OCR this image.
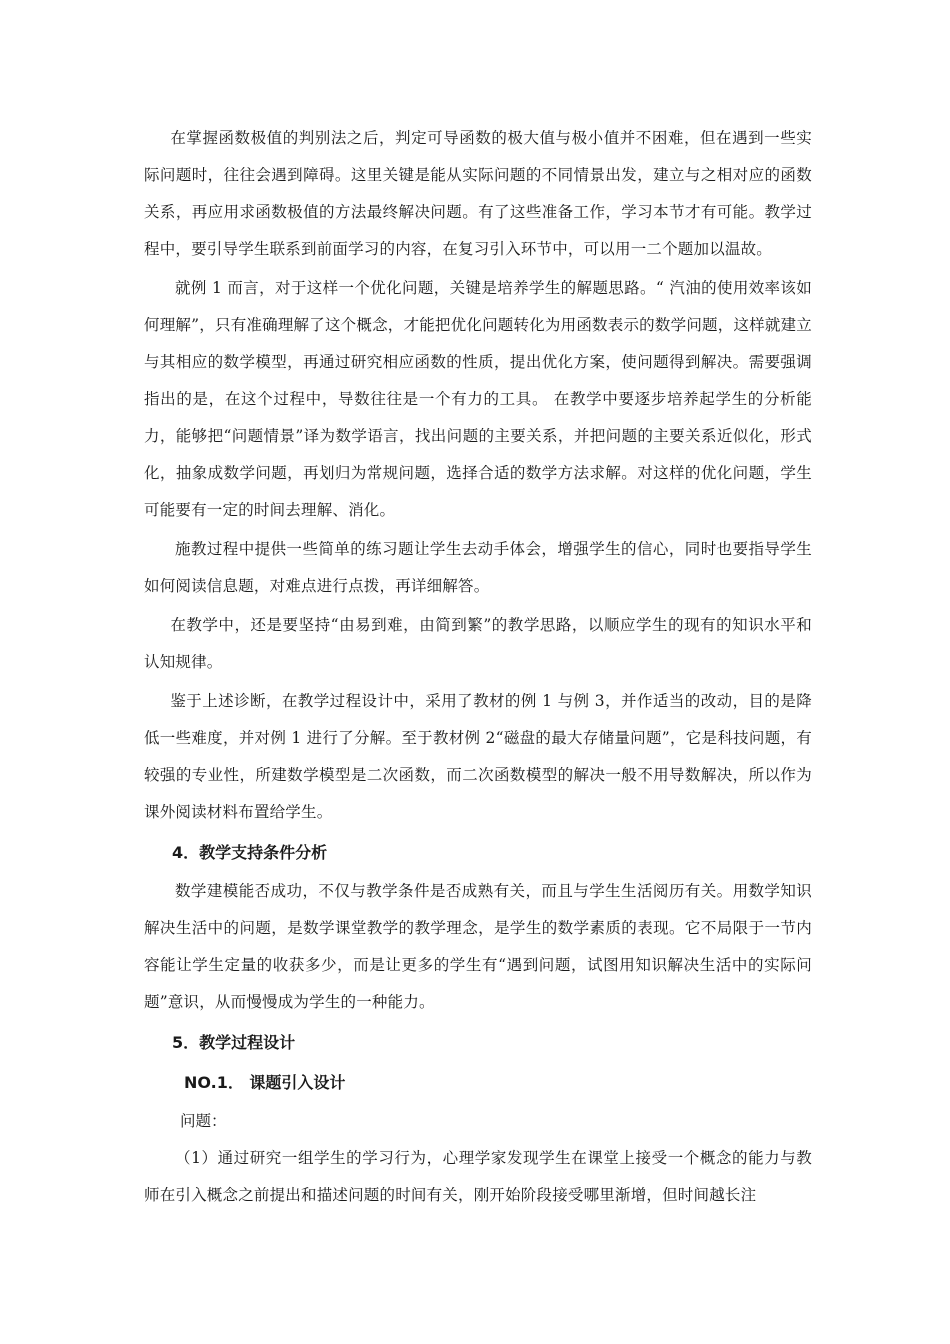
在掌握函数极值的判别法之后，判定可导函数的极大值与极小值并不困难，但在遇到一些实际问题时，往往会遇到障碍。这里关键是能从实际问题的不同情景出发，建立与之相对应的函数关系，再应用求函数极值的方法最终解决问题。有了这些准备工作，学习本节才有可能。教学过程中，要引导学生联系到前面学习的内容，在复习引入环节中，可以用一二个题加以温故。

就例 1 而言，对于这样一个优化问题，关键是培养学生的解题思路。“ 汽油的使用效率该如何理解”，只有准确理解了这个概念，才能把优化问题转化为用函数表示的数学问题，这样就建立与其相应的数学模型，再通过研究相应函数的性质，提出优化方案，使问题得到解决。需要强调指出的是，在这个过程中，导数往往是一个有力的工具。 在教学中要逐步培养起学生的分析能力，能够把“问题情景”译为数学语言，找出问题的主要关系，并把问题的主要关系近似化，形式化，抽象成数学问题，再划归为常规问题，选择合适的数学方法求解。对这样的优化问题，学生可能要有一定的时间去理解、消化。

施教过程中提供一些简单的练习题让学生去动手体会，增强学生的信心，同时也要指导学生如何阅读信息题，对难点进行点拨，再详细解答。

在教学中，还是要坚持“由易到难，由简到繁”的教学思路，以顺应学生的现有的知识水平和认知规律。

鉴于上述诊断，在教学过程设计中，采用了教材的例 1 与例 3，并作适当的改动，目的是降低一些难度，并对例 1 进行了分解。至于教材例 2“磁盘的最大存储量问题”，它是科技问题，有较强的专业性，所建数学模型是二次函数，而二次函数模型的解决一般不用导数解决，所以作为课外阅读材料布置给学生。

4．教学支持条件分析

数学建模能否成功，不仅与教学条件是否成熟有关，而且与学生生活阅历有关。用数学知识解决生活中的问题，是数学课堂教学的教学理念，是学生的数学素质的表现。它不局限于一节内容能让学生定量的收获多少，而是让更多的学生有“遇到问题，试图用知识解决生活中的实际问题”意识，从而慢慢成为学生的一种能力。

5．教学过程设计
NO.1． 课题引入设计

问题：

（1）通过研究一组学生的学习行为，心理学家发现学生在课堂上接受一个概念的能力与教师在引入概念之前提出和描述问题的时间有关，刚开始阶段接受哪里渐增，但时间越长注
